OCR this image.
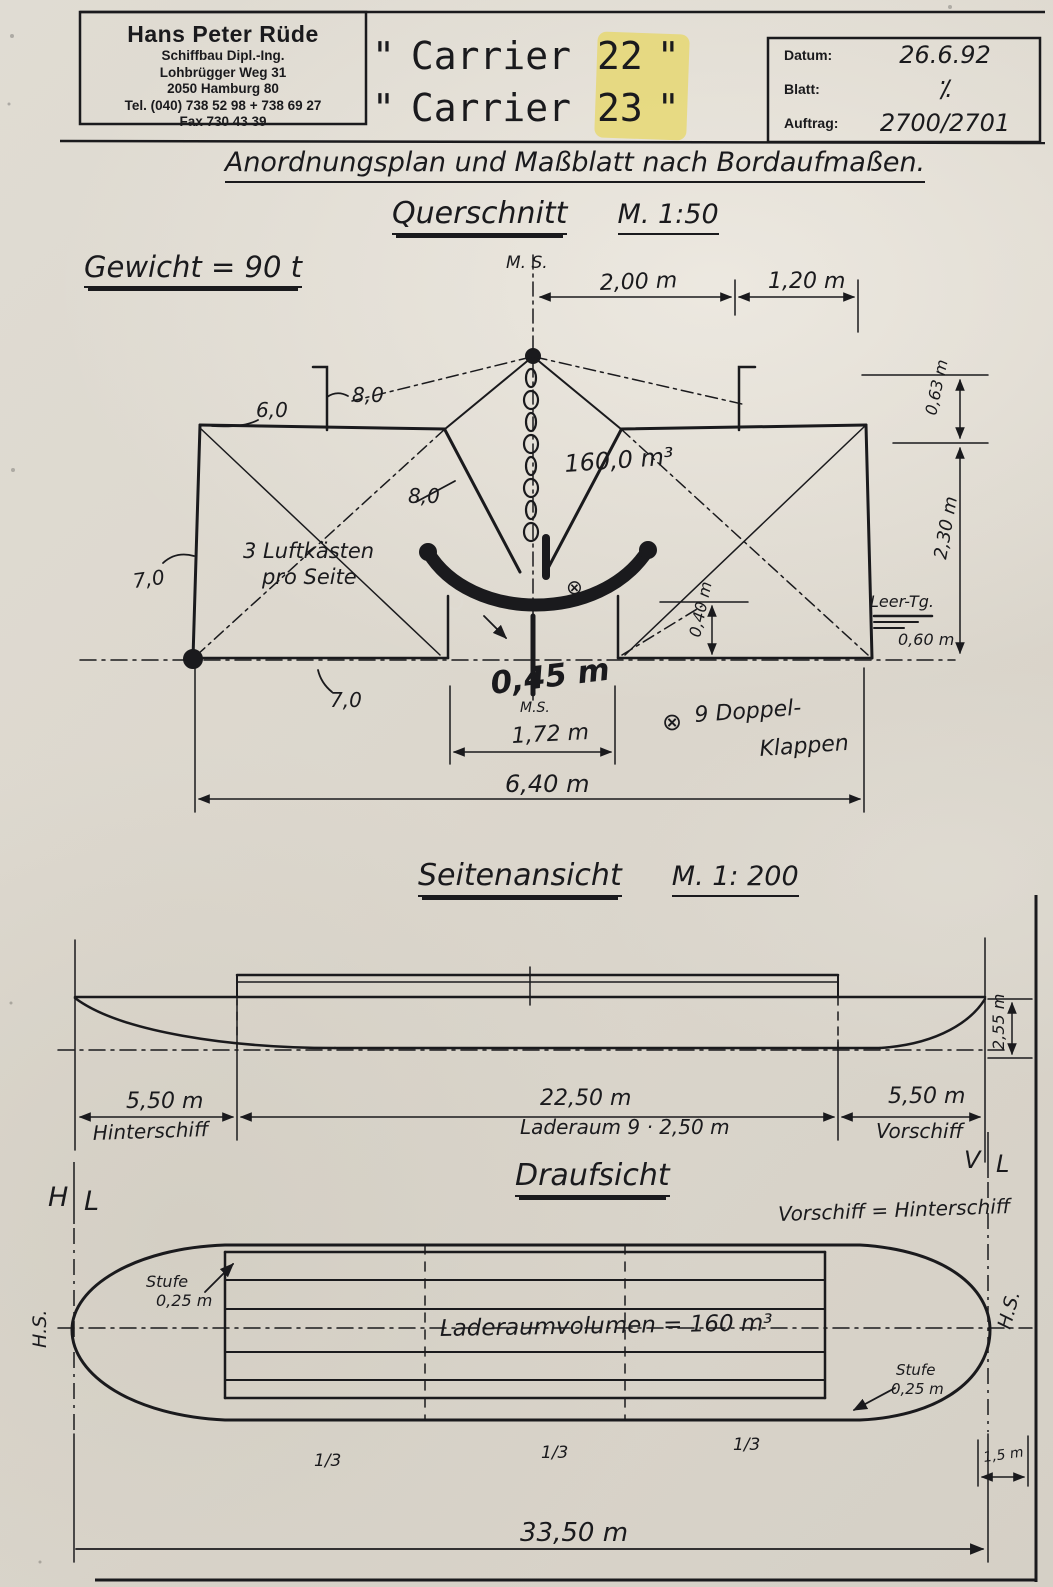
M. S.
2,00 m	1,20 m
6,0
8,0
8,0
160,0 m³
3 Luftkästen
pro Seite
7,0
7,0
0,40 m
0,63 m
2,30 m
Leer-Tg.
0,60 m
0,45 m
M.S.
1,72 m
6,40 m
⊗
⊗ 9 Doppel-
Klappen
5,50 m
Hinterschiff
22,50 m
Laderaum 9 · 2,50 m
5,50 m
Vorschiff
2,55 m
H L
V L
Stufe
0,25 m
Laderaumvolumen = 160 m³
Stufe
0,25 m
H.S.	H.S.
1/3	1/3	1/3	1,5 m
33,50 m
Hans Peter Rüde
Schiffbau Dipl.-Ing.
Lohbrügger Weg 31
2050 Hamburg 80
Tel. (040) 738 52 98 + 738 69 27
Fax 730 43 39
" Carrier 22 "
" Carrier 23 "
Datum:	26.6.92
Blatt:	⁒
Auftrag:	2700/2701
Anordnungsplan und Maßblatt nach Bordaufmaßen.
Querschnitt M. 1:50
Gewicht = 90 t
Seitenansicht M. 1: 200
Draufsicht
Vorschiff = Hinterschiff
